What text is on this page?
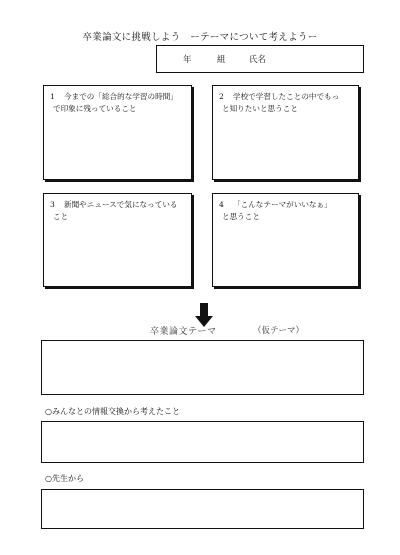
卒業論文に挑戦しよう　ーテーマについて考えようー
年	組	氏名
1 今までの「総合的な学習の時間」
で印象に残っていること
2 学校で学習したことの中でもっ
と知りたいと思うこと
3 新聞やニュースで気になっている
こと
4 「こんなテーマがいいなぁ」
と思うこと
卒業論文テーマ	（仮テーマ）
○みんなとの情報交換から考えたこと
○先生から
